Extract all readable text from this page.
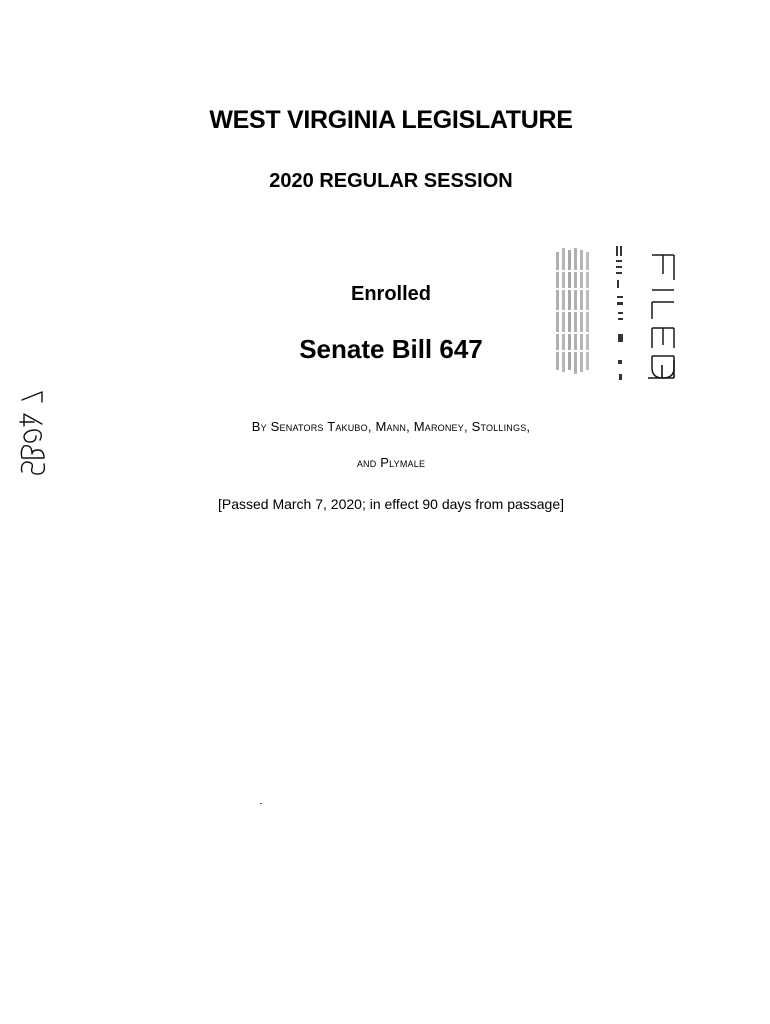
WEST VIRGINIA LEGISLATURE
2020 REGULAR SESSION
Enrolled
Senate Bill 647
By Senators Takubo, Mann, Maroney, Stollings,
and Plymale
[Passed March 7, 2020; in effect 90 days from passage]
